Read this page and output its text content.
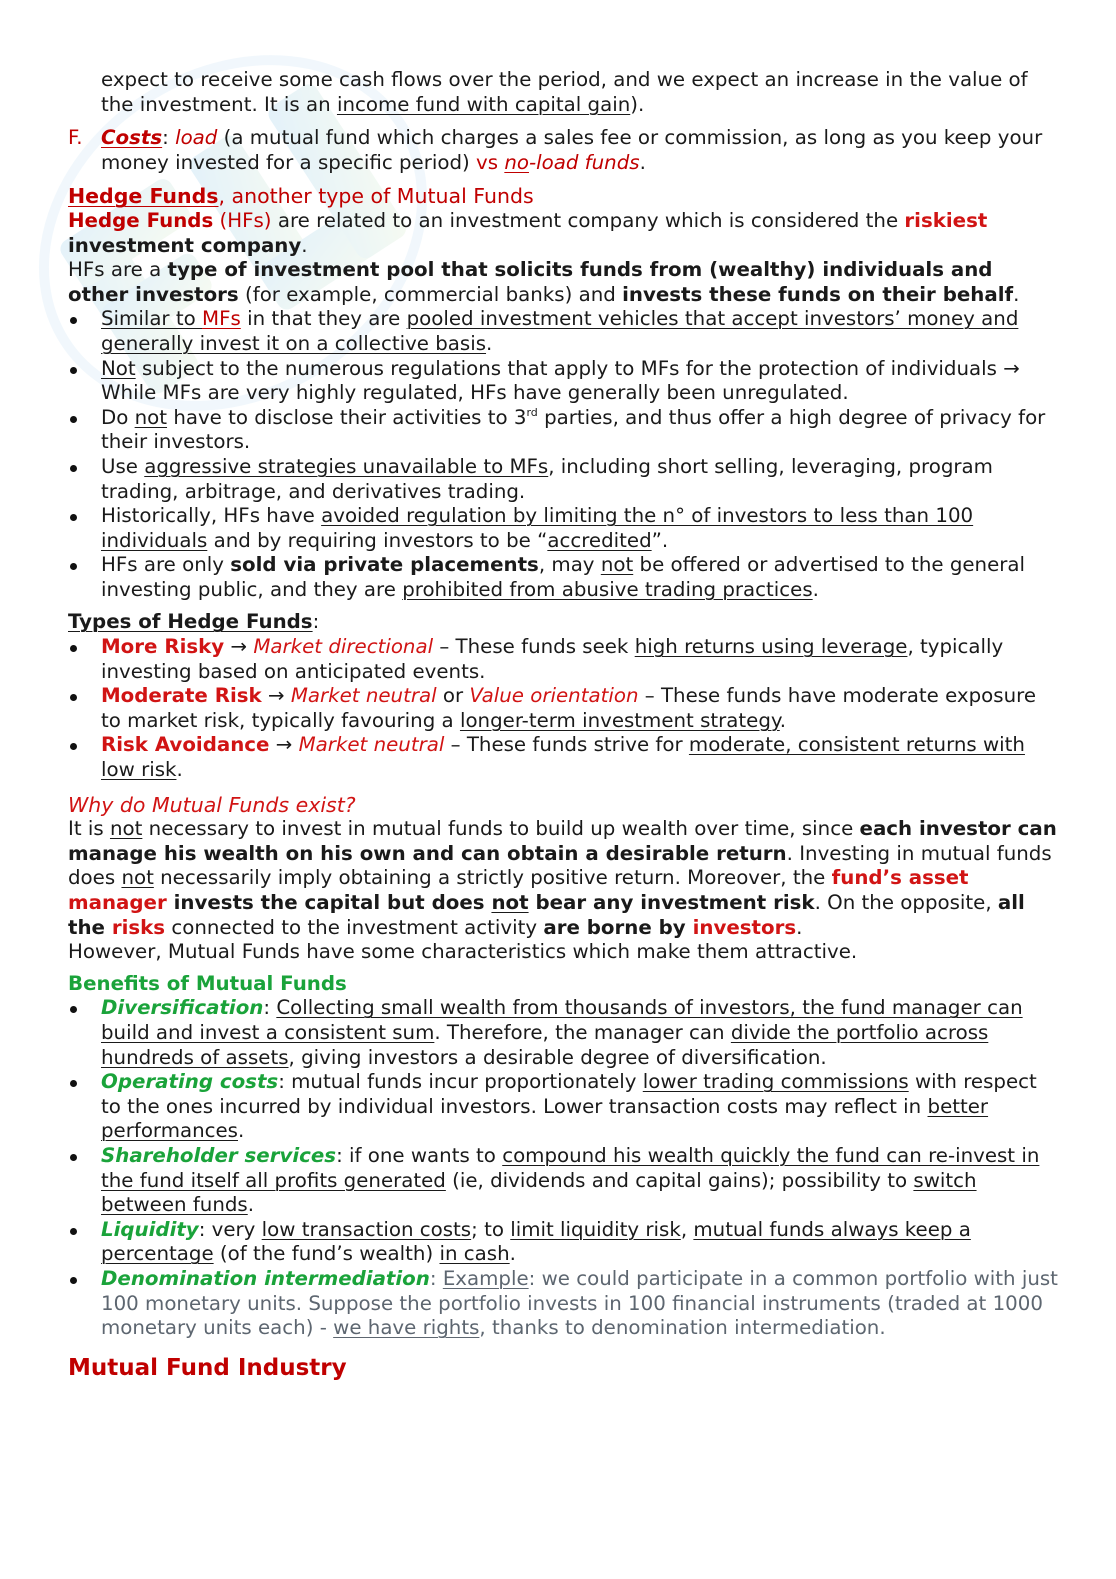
expect to receive some cash flows over the period, and we expect an increase in the value of the investment. It is an income fund with capital gain).

F. Costs: load (a mutual fund which charges a sales fee or commission, as long as you keep your money invested for a specific period) vs no-load funds.
Hedge Funds, another type of Mutual Funds

Hedge Funds (HFs) are related to an investment company which is considered the riskiest investment company.

HFs are a type of investment pool that solicits funds from (wealthy) individuals and other investors (for example, commercial banks) and invests these funds on their behalf.

Similar to MFs in that they are pooled investment vehicles that accept investors’ money and generally invest it on a collective basis.
Not subject to the numerous regulations that apply to MFs for the protection of individuals → While MFs are very highly regulated, HFs have generally been unregulated.
Do not have to disclose their activities to 3rd parties, and thus offer a high degree of privacy for their investors.
Use aggressive strategies unavailable to MFs, including short selling, leveraging, program trading, arbitrage, and derivatives trading.
Historically, HFs have avoided regulation by limiting the n° of investors to less than 100 individuals and by requiring investors to be “accredited”.
HFs are only sold via private placements, may not be offered or advertised to the general investing public, and they are prohibited from abusive trading practices.
Types of Hedge Funds:
More Risky → Market directional – These funds seek high returns using leverage, typically investing based on anticipated events.
Moderate Risk → Market neutral or Value orientation – These funds have moderate exposure to market risk, typically favouring a longer-term investment strategy.
Risk Avoidance → Market neutral – These funds strive for moderate, consistent returns with low risk.
Why do Mutual Funds exist?

It is not necessary to invest in mutual funds to build up wealth over time, since each investor can manage his wealth on his own and can obtain a desirable return. Investing in mutual funds does not necessarily imply obtaining a strictly positive return. Moreover, the fund’s asset manager invests the capital but does not bear any investment risk. On the opposite, all the risks connected to the investment activity are borne by investors.

However, Mutual Funds have some characteristics which make them attractive.

Benefits of Mutual Funds
Diversification: Collecting small wealth from thousands of investors, the fund manager can build and invest a consistent sum. Therefore, the manager can divide the portfolio across hundreds of assets, giving investors a desirable degree of diversification.
Operating costs: mutual funds incur proportionately lower trading commissions with respect to the ones incurred by individual investors. Lower transaction costs may reflect in better performances.
Shareholder services: if one wants to compound his wealth quickly the fund can re-invest in the fund itself all profits generated (ie, dividends and capital gains); possibility to switch between funds.
Liquidity: very low transaction costs; to limit liquidity risk, mutual funds always keep a percentage (of the fund’s wealth) in cash.
Denomination intermediation: Example: we could participate in a common portfolio with just 100 monetary units. Suppose the portfolio invests in 100 financial instruments (traded at 1000 monetary units each) - we have rights, thanks to denomination intermediation.
Mutual Fund Industry
